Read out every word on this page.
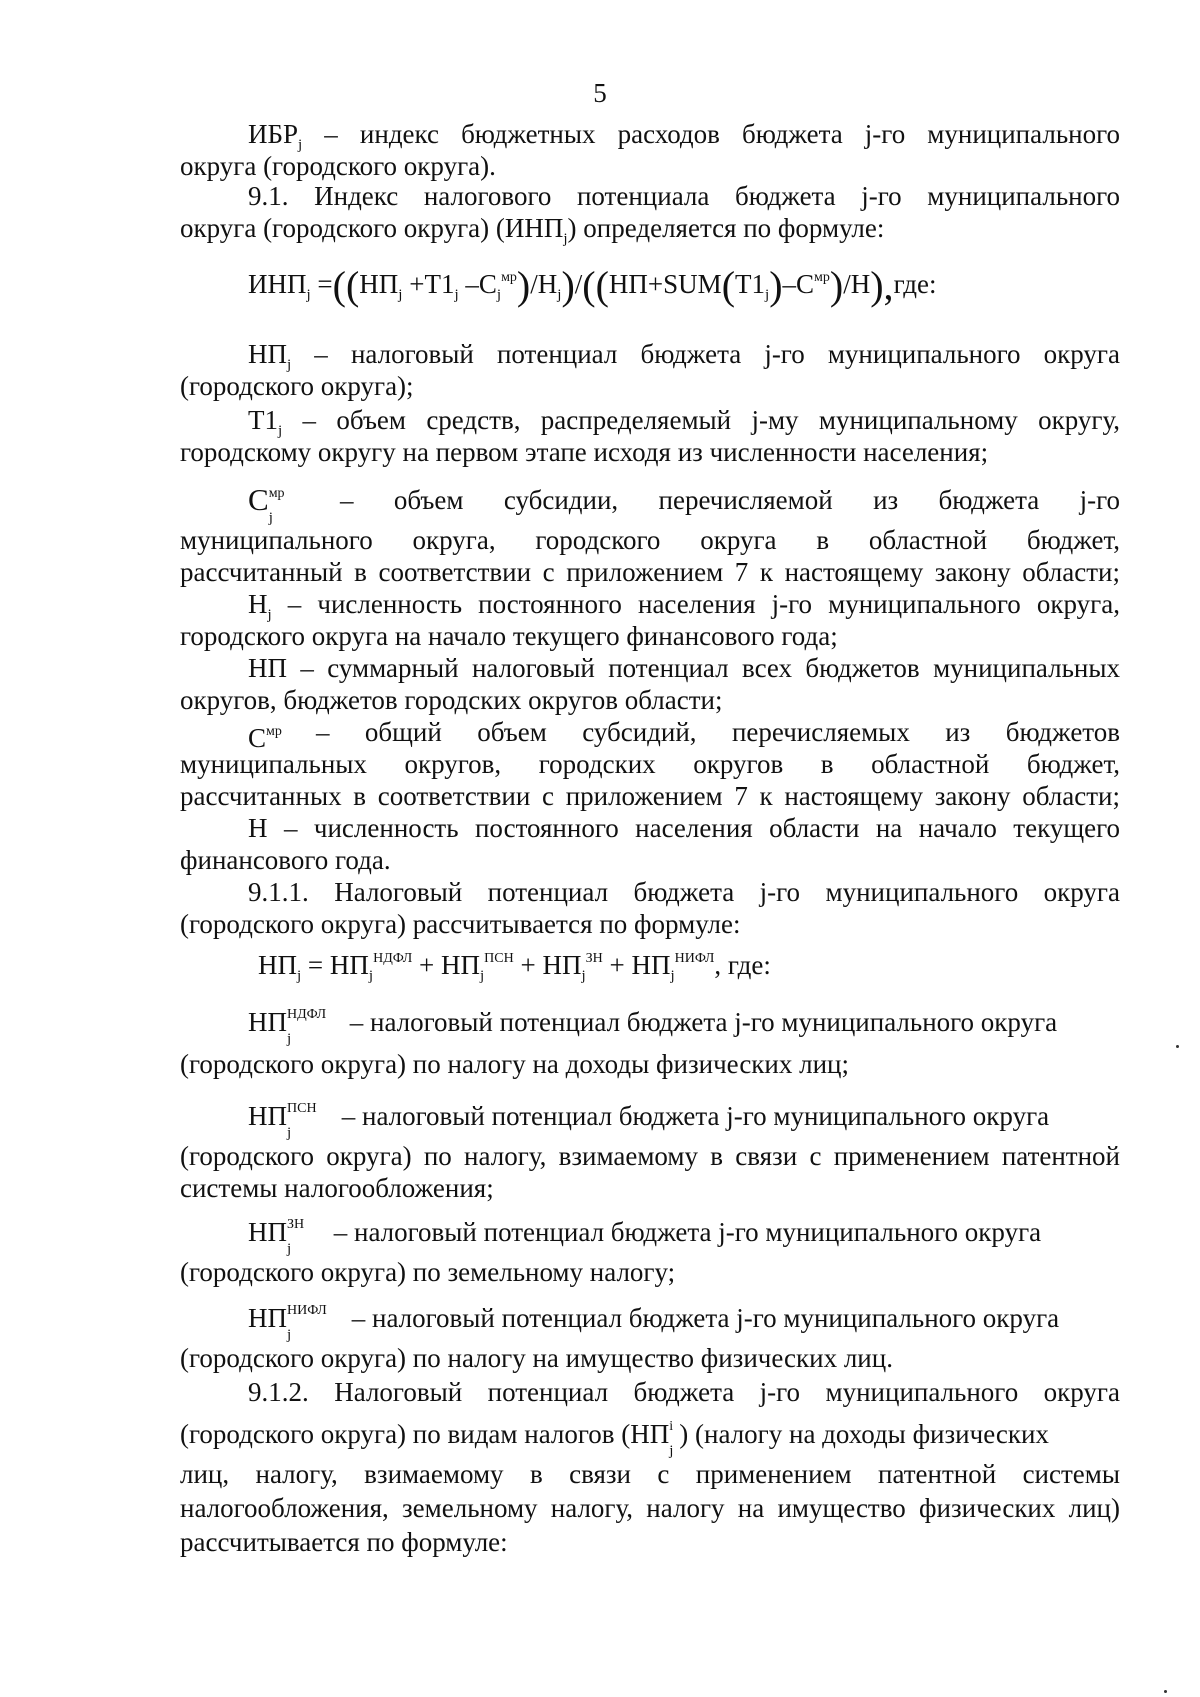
5
$ИБР_j$ – индекс бюджетных расходов бюджета j-го муниципального
округа (городского округа).
9.1. Индекс налогового потенциала бюджета j-го муниципального
округа (городского округа) $(ИНП_j)$ определяется по формуле:
$ИНП_j =((НП_j +Т1_j$ $-С_j^{мр})/Н_j)/((НП+SUM(Т1_j)-С^{мр})/Н),где$:
$НП_j$ – налоговый потенциал бюджета j-го муниципального округа
(городского округа);
$Т1_j$ – объем средств, распределяемый j-му муниципальному округу,
городскому округу на первом этапе исходя из численности населения;
С мр
j
– объем субсидии, перечисляемой из бюджета j-го
муниципального округа, городского округа в областной бюджет,
рассчитанный в соответствии с приложением 7 к настоящему закону области;
$Н_j$ – численность постоянного населения j-го муниципального округа,
городского округа на начало текущего финансового года;
НП – суммарный налоговый потенциал всех бюджетов муниципальных
округов, бюджетов городских округов области;
$С^{мр}$	– общий объем субсидий, перечисляемых из бюджетов
муниципальных округов, городских округов в областной бюджет,
рассчитанных в соответствии с приложением 7 к настоящему закону области;
Н – численность постоянного населения области на начало текущего
финансового года.
9.1.1. Налоговый потенциал бюджета j-го муниципального округа
(городского округа) рассчитывается по формуле:
$НП_j = НП_j^{НДФЛ} + НП_j^{ПСН} + НП_j^{ЗН} + НП_j^{НИФЛ}$, где:
НП НДФЛ
j
– налоговый потенциал бюджета j-го муниципального округа
(городского округа) по налогу на доходы физических лиц;
НП ПСН
j
– налоговый потенциал бюджета j-го муниципального округа
(городского округа) по налогу, взимаемому в связи с применением патентной
системы налогообложения;
НП ЗН
j
– налоговый потенциал бюджета j-го муниципального округа
(городского округа) по земельному налогу;
НП НИФЛ
j
– налоговый потенциал бюджета j-го муниципального округа
(городского округа) по налогу на имущество физических лиц.
9.1.2. Налоговый потенциал бюджета j-го муниципального округа
(городского округа) по видам налогов (НП i
j
) (налогу на доходы физических
лиц, налогу, взимаемому в связи с применением патентной системы
налогообложения, земельному налогу, налогу на имущество физических лиц)
рассчитывается по формуле:
